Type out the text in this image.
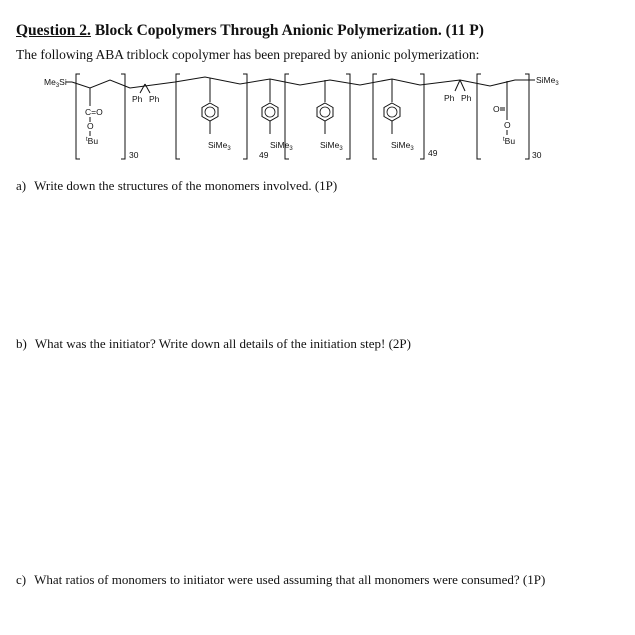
Question 2. Block Copolymers Through Anionic Polymerization. (11 P)
The following ABA triblock copolymer has been prepared by anionic polymerization:
$Me_3Si$	SiMe$_3$
C=O
O
$^t$Bu
Ph Ph
SiMe$_3$	SiMe$_3$	SiMe$_3$	SiMe$_3$
Ph Ph
O
O
$^t$Bu
30	49	49	30
a) Write down the structures of the monomers involved. (1P)
b) What was the initiator? Write down all details of the initiation step! (2P)
c) What ratios of monomers to initiator were used assuming that all monomers were consumed? (1P)
